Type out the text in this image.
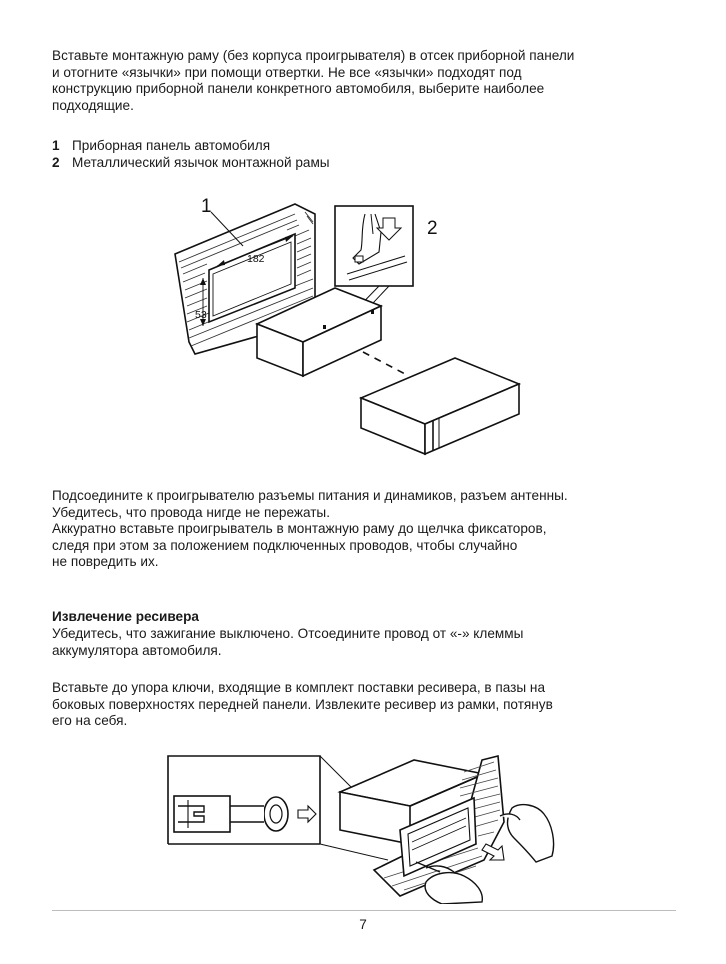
Вставьте монтажную раму (без корпуса проигрывателя) в отсек приборной панели
и отогните «язычки» при помощи отвертки. Не все «язычки» подходят под
конструкцию приборной панели конкретного автомобиля, выберите наиболее
подходящие.

1 Приборная панель автомобиля
2 Металлический язычок монтажной рамы
182
53
1
2

Подсоедините к проигрывателю разъемы питания и динамиков, разъем антенны.
Убедитесь, что провода нигде не пережаты.
Аккуратно вставьте проигрыватель в монтажную раму до щелчка фиксаторов,
следя при этом за положением подключенных проводов, чтобы случайно
не повредить их.

Извлечение ресивера

Убедитесь, что зажигание выключено. Отсоедините провод от «-» клеммы
аккумулятора автомобиля.

Вставьте до упора ключи, входящие в комплект поставки ресивера, в пазы на
боковых поверхностях передней панели. Извлеките ресивер из рамки, потянув
его на себя.

7
